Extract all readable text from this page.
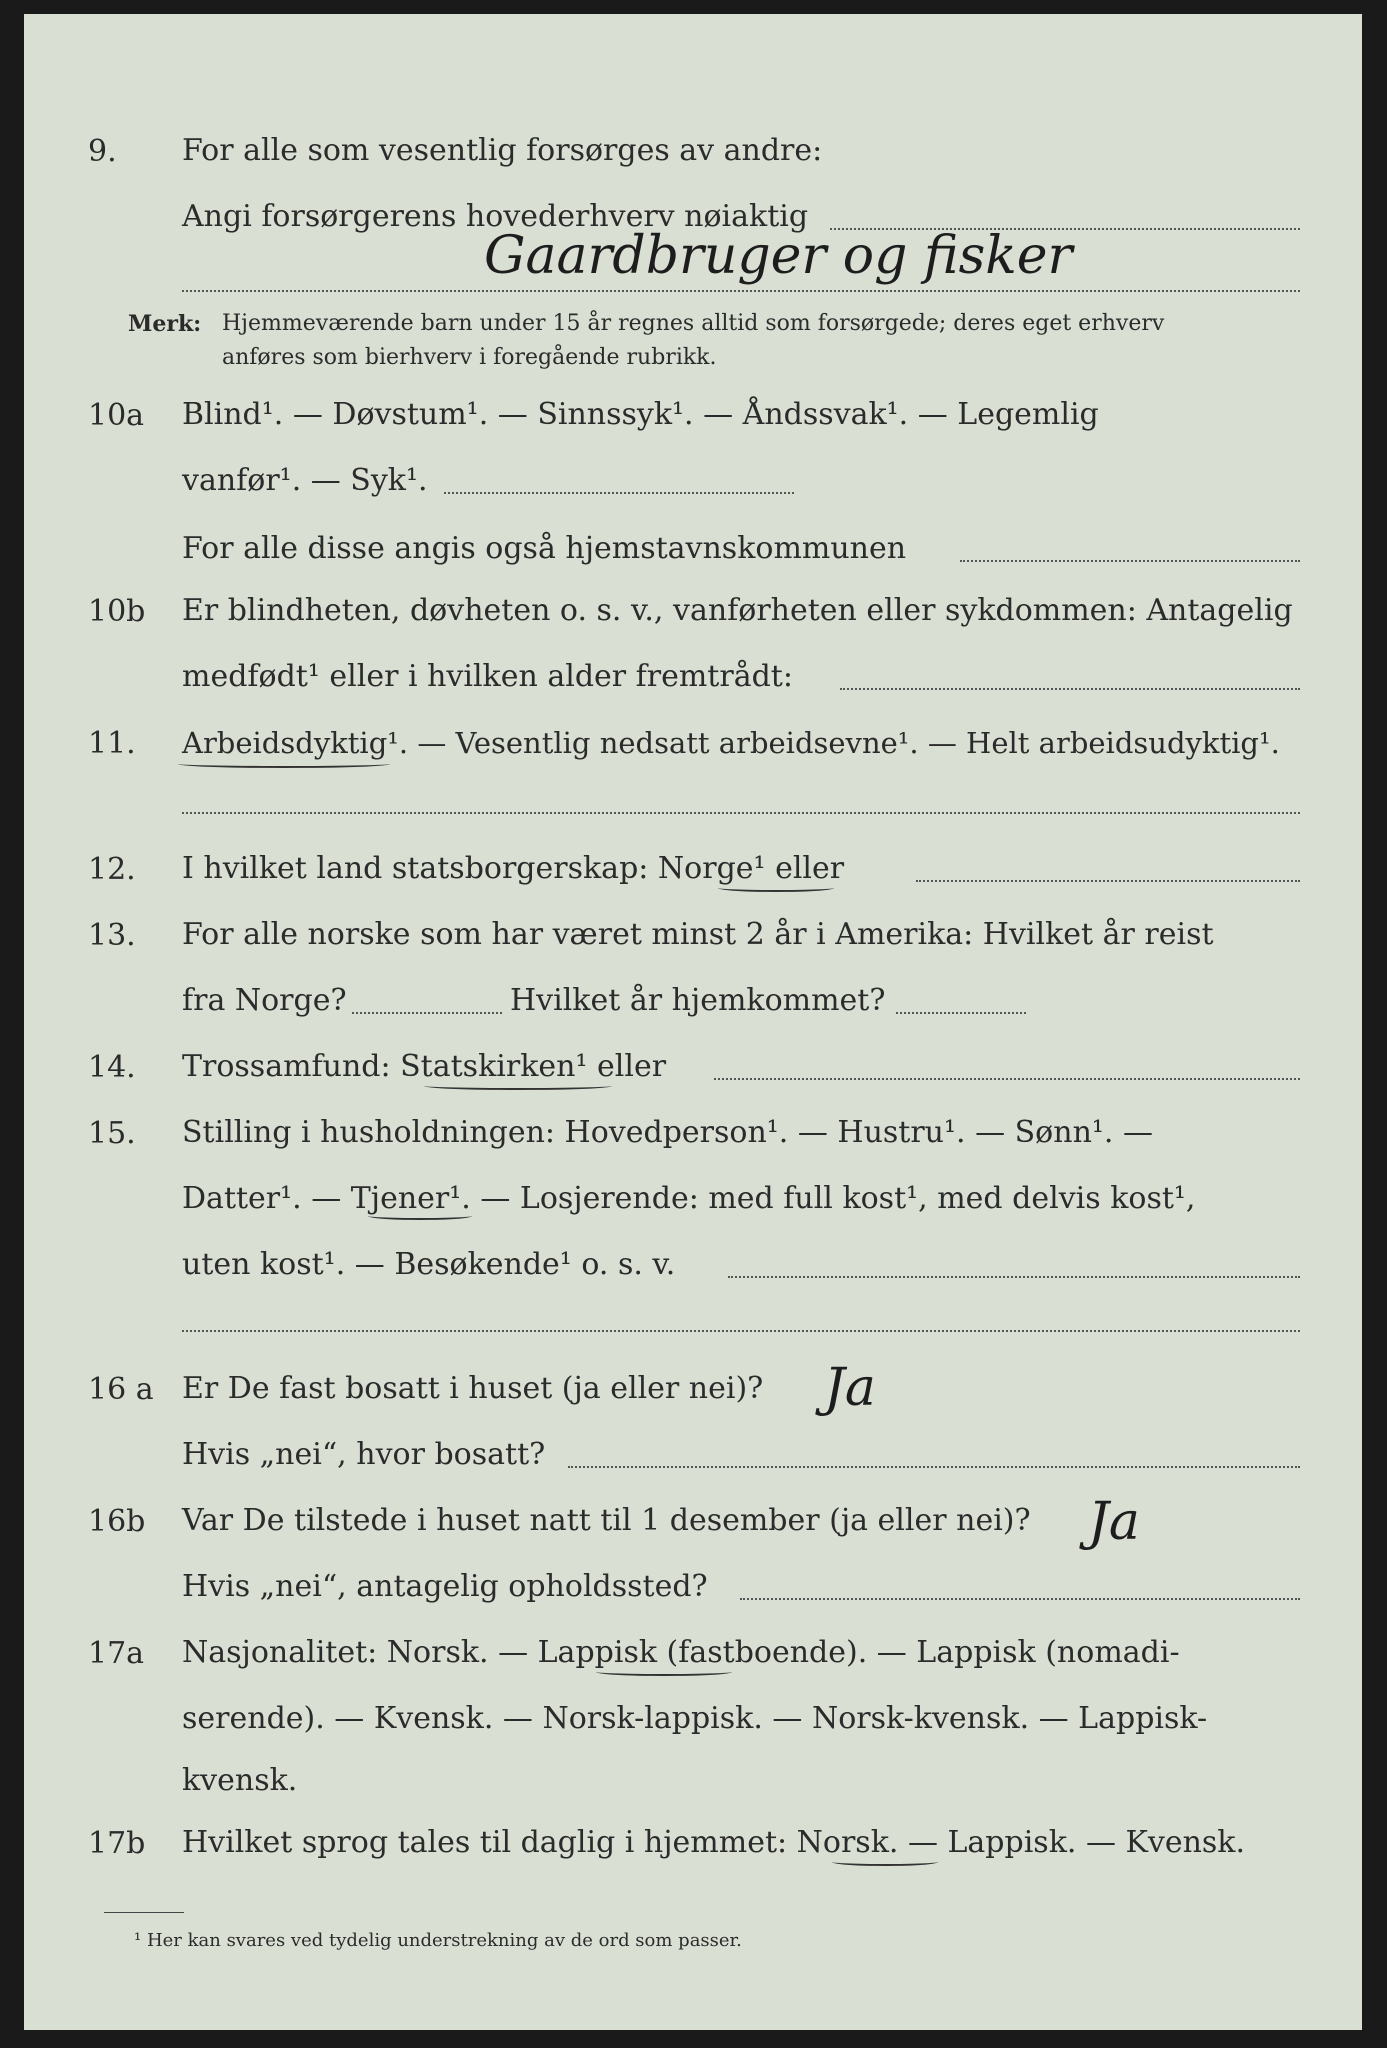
9. For alle som vesentlig forsørges av andre:
Angi forsørgerens hovederhverv nøiaktig
Gaardbruger og fisker
Merk: Hjemmeværende barn under 15 år regnes alltid som forsørgede; deres eget erhverv
anføres som bierhverv i foregående rubrikk.
10a Blind¹. — Døvstum¹. — Sinnssyk¹. — Åndssvak¹. — Legemlig
vanfør¹. — Syk¹.
For alle disse angis også hjemstavnskommunen
10b Er blindheten, døvheten o. s. v., vanførheten eller sykdommen: Antagelig
medfødt¹ eller i hvilken alder fremtrådt:
11. Arbeidsdyktig¹. — Vesentlig nedsatt arbeidsevne¹. — Helt arbeidsudyktig¹.
12. I hvilket land statsborgerskap: Norge¹ eller
13. For alle norske som har været minst 2 år i Amerika: Hvilket år reist
fra Norge?	Hvilket år hjemkommet?
14. Trossamfund: Statskirken¹ eller
15. Stilling i husholdningen: Hovedperson¹. — Hustru¹. — Sønn¹. —
Datter¹. — Tjener¹. — Losjerende: med full kost¹, med delvis kost¹,
uten kost¹. — Besøkende¹ o. s. v.
16 a Er De fast bosatt i huset (ja eller nei)? Ja
Hvis „nei“, hvor bosatt?
16b Var De tilstede i huset natt til 1 desember (ja eller nei)? Ja
Hvis „nei“, antagelig opholdssted?
17a Nasjonalitet: Norsk. — Lappisk (fastboende). — Lappisk (nomadi-
serende). — Kvensk. — Norsk-lappisk. — Norsk-kvensk. — Lappisk-
kvensk.
17b Hvilket sprog tales til daglig i hjemmet: Norsk. — Lappisk. — Kvensk.
¹ Her kan svares ved tydelig understrekning av de ord som passer.
